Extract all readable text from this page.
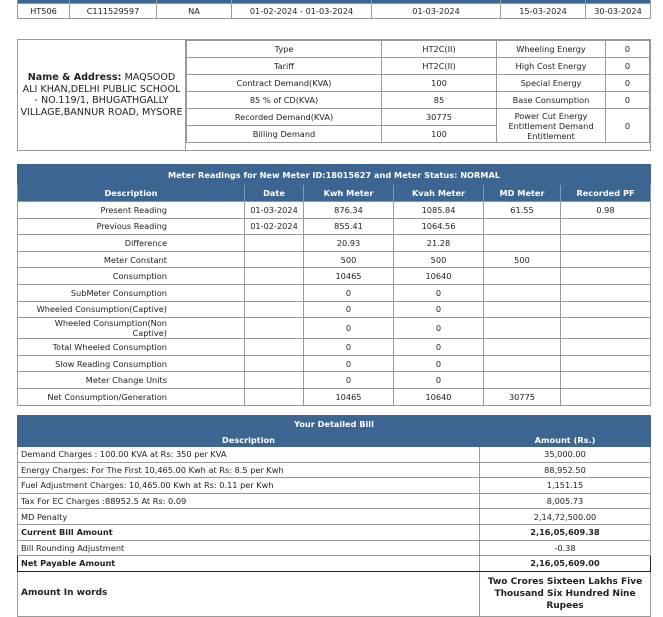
HT506	C111529597	NA	01-02-2024 - 01-03-2024	01-03-2024	15-03-2024	30-03-2024
Name & Address: MAQSOOD ALI KHAN,DELHI PUBLIC SCHOOL - NO.119/1, BHUGATHGALLY VILLAGE,BANNUR ROAD, MYSORE
Type	HT2C(II)	Wheeling Energy	0
Tariff	HT2C(II)	High Cost Energy	0
Contract Demand(KVA)	100	Special Energy	0
85 % of CD(KVA)	85	Base Consumption	0
Recorded Demand(KVA)	30775	Power Cut Energy Entitlement Demand Entitlement	0
Billing Demand	100		
Meter Readings for New Meter ID:18015627 and Meter Status: NORMAL					
Description	Date	Kwh Meter	Kvah Meter	MD Meter	Recorded PF
Present Reading	01-03-2024	876.34	1085.84	61.55	0.98
Previous Reading	01-02-2024	855.41	1064.56		
Difference		20.93	21.28		
Meter Constant		500	500	500	
Consumption		10465	10640		
SubMeter Consumption		0	0		
Wheeled Consumption(Captive)		0	0		
Wheeled Consumption(Non Captive)		0	0		
Total Wheeled Consumption		0	0		
Slow Reading Consumption		0	0		
Meter Change Units		0	0		
Net Consumption/Generation		10465	10640	30775	
Your Detailed Bill	
Description	Amount (Rs.)
Demand Charges : 100.00 KVA at Rs: 350 per KVA	35,000.00
Energy Charges: For The First 10,465.00 Kwh at Rs: 8.5 per Kwh	88,952.50
Fuel Adjustment Charges: 10,465.00 Kwh at Rs: 0.11 per Kwh	1,151.15
Tax For EC Charges :88952.5 At Rs: 0.09	8,005.73
MD Penalty	2,14,72,500.00
Current Bill Amount	2,16,05,609.38
Bill Rounding Adjustment	-0.38
Net Payable Amount	2,16,05,609.00
Amount In words	Two Crores Sixteen Lakhs Five Thousand Six Hundred Nine Rupees
